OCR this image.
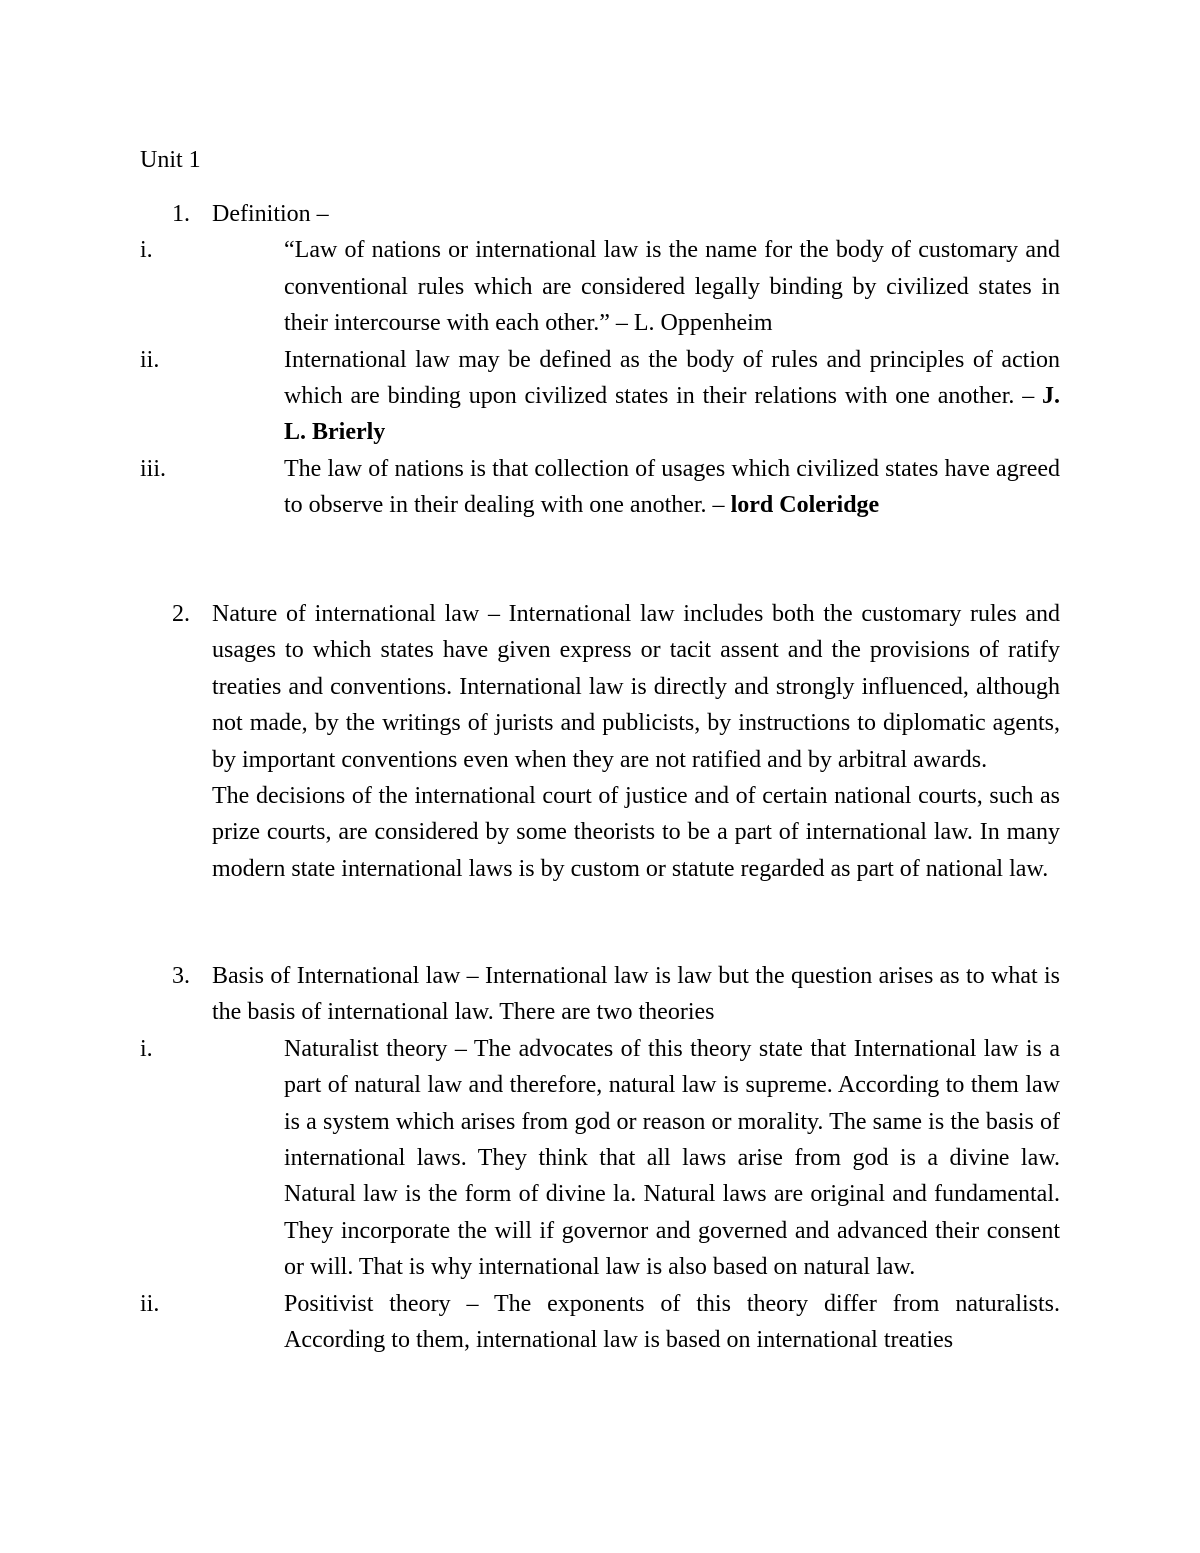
Unit 1
1. Definition –
i.	“Law of nations or international law is the name for the body of customary and conventional rules which are considered legally binding by civilized states in their intercourse with each other.” – L. Oppenheim
ii.	International law may be defined as the body of rules and principles of action which are binding upon civilized states in their relations with one another. – J. L. Brierly
iii.	The law of nations is that collection of usages which civilized states have agreed to observe in their dealing with one another. – lord Coleridge
2. Nature of international law – International law includes both the customary rules and usages to which states have given express or tacit assent and the provisions of ratify treaties and conventions. International law is directly and strongly influenced, although not made, by the writings of jurists and publicists, by instructions to diplomatic agents, by important conventions even when they are not ratified and by arbitral awards.

The decisions of the international court of justice and of certain national courts, such as prize courts, are considered by some theorists to be a part of international law. In many modern state international laws is by custom or statute regarded as part of national law.

3. Basis of International law – International law is law but the question arises as to what is the basis of international law. There are two theories
i.	Naturalist theory – The advocates of this theory state that International law is a part of natural law and therefore, natural law is supreme. According to them law is a system which arises from god or reason or morality. The same is the basis of international laws. They think that all laws arise from god is a divine law. Natural law is the form of divine la. Natural laws are original and fundamental. They incorporate the will if governor and governed and advanced their consent or will. That is why international law is also based on natural law.
ii.	Positivist theory – The exponents of this theory differ from naturalists. According to them, international law is based on international treaties
